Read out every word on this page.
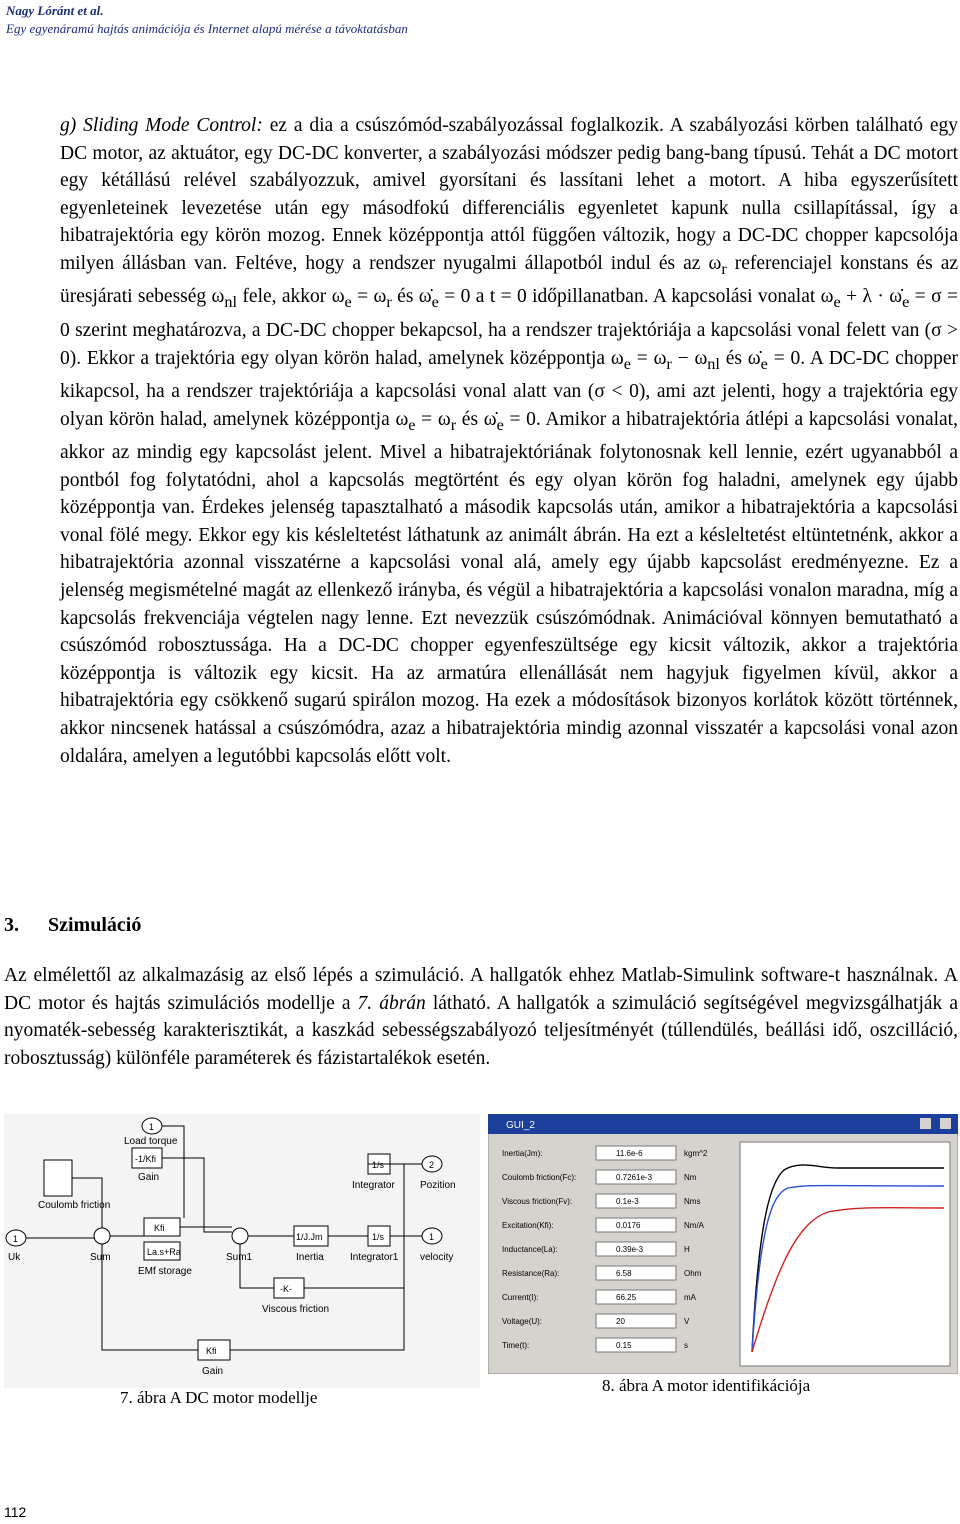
Nagy Lóránt et al.
Egy egyenáramú hajtás animációja és Internet alapú mérése a távoktatásban

g) Sliding Mode Control: ez a dia a csúszómód-szabályozással foglalkozik. A szabályozási körben található egy DC motor, az aktuátor, egy DC-DC konverter, a szabályozási módszer pedig bang-bang típusú. Tehát a DC motort egy kétállású relével szabályozzuk, amivel gyorsítani és lassítani lehet a motort. A hiba egyszerűsített egyenleteinek levezetése után egy másodfokú differenciális egyenletet kapunk nulla csillapítással, így a hibatrajektória egy körön mozog. Ennek középpontja attól függően változik, hogy a DC-DC chopper kapcsolója milyen állásban van. Feltéve, hogy a rendszer nyugalmi állapotból indul és az $\omega_r$ referenciajel konstans és az üresjárati sebesség $\omega_{nl}$ fele, akkor $\omega_e = \omega_r$ és $\omegȧ_e = 0$ a t = 0 időpillanatban. A kapcsolási vonalat $\omega_e + \lambda$ · $\omegȧ_e = \sigma = 0$ szerint meghatározva, a DC-DC chopper bekapcsol, ha a rendszer trajektóriája a kapcsolási vonal felett van (σ > 0). Ekkor a trajektória egy olyan körön halad, amelynek középpontja $\omega_e = \omega_r - \omega_{nl}$ és $\omegȧ_e = 0$. A DC-DC chopper kikapcsol, ha a rendszer trajektóriája a kapcsolási vonal alatt van (σ < 0), ami azt jelenti, hogy a trajektória egy olyan körön halad, amelynek középpontja $\omega_e = \omega_r$ és $\omegȧ_e = 0$. Amikor a hibatrajektória átlépi a kapcsolási vonalat, akkor az mindig egy kapcsolást jelent. Mivel a hibatrajektóriának folytonosnak kell lennie, ezért ugyanabból a pontból fog folytatódni, ahol a kapcsolás megtörtént és egy olyan körön fog haladni, amelynek egy újabb középpontja van. Érdekes jelenség tapasztalható a második kapcsolás után, amikor a hibatrajektória a kapcsolási vonal fölé megy. Ekkor egy kis késleltetést láthatunk az animált ábrán. Ha ezt a késleltetést eltüntetnénk, akkor a hibatrajektória azonnal visszatérne a kapcsolási vonal alá, amely egy újabb kapcsolást eredményezne. Ez a jelenség megismételné magát az ellenkező irányba, és végül a hibatrajektória a kapcsolási vonalon maradna, míg a kapcsolás frekvenciája végtelen nagy lenne. Ezt nevezzük csúszómódnak. Animációval könnyen bemutatható a csúszómód robosztussága. Ha a DC-DC chopper egyenfeszültsége egy kicsit változik, akkor a trajektória középpontja is változik egy kicsit. Ha az armatúra ellenállását nem hagyjuk figyelmen kívül, akkor a hibatrajektória egy csökkenő sugarú spirálon mozog. Ha ezek a módosítások bizonyos korlátok között történnek, akkor nincsenek hatással a csúszómódra, azaz a hibatrajektória mindig azonnal visszatér a kapcsolási vonal azon oldalára, amelyen a legutóbbi kapcsolás előtt volt.

3. Szimuláció

Az elmélettől az alkalmazásig az első lépés a szimuláció. A hallgatók ehhez Matlab-Simulink software-t használnak. A DC motor és hajtás szimulációs modellje a 7. ábrán látható. A hallgatók a szimuláció segítségével megvizsgálhatják a nyomaték-sebesség karakterisztikát, a kaszkád sebességszabályozó teljesítményét (túllendülés, beállási idő, oszcilláció, robosztusság) különféle paraméterek és fázistartalékok esetén.

1
Load torque
-1/Kfi
Gain
Coulomb friction
1
Uk	Sum
Kfi
La.s+Ra
EMf storage
Sum1
1/J.Jm
Inertia
1/s
Integrator
1/s
Integrator1
2
Pozition
1
velocity
-K-
Viscous friction
Kfi
Gain
GUI_2
Inertia(Jm):	11.6e-6	kgm^2
Coulomb friction(Fc):	0.7261e-3	Nm
Viscous friction(Fv):	0.1e-3	Nms
Excitation(Kfi):	0.0176	Nm/A
Inductance(La):	0.39e-3	H
Resistance(Ra):	6.58	Ohm
Current(I):	66.25	mA
Voltage(U):	20	V
Time(t):	0.15	s
7. ábra A DC motor modellje
8. ábra A motor identifikációja
112
